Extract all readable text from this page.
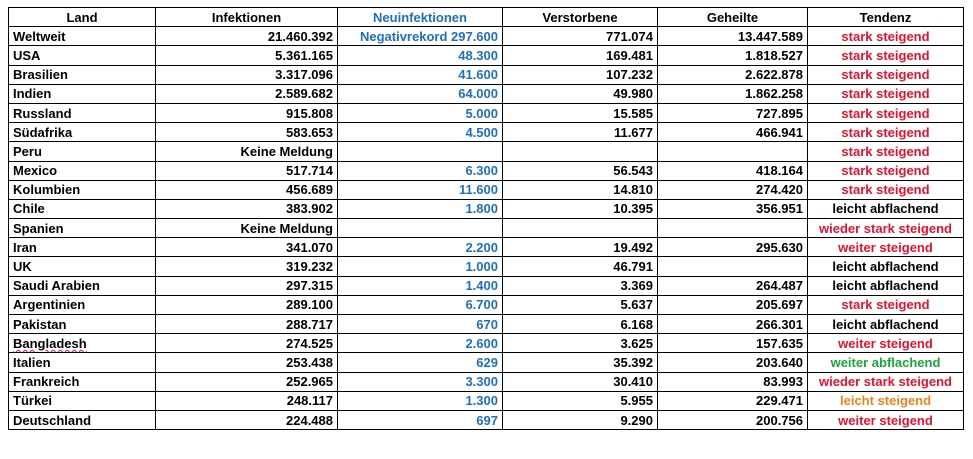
Land	Infektionen	Neuinfektionen	Verstorbene	Geheilte	Tendenz
Weltweit	21.460.392	Negativrekord 297.600	771.074	13.447.589	stark steigend
USA	5.361.165	48.300	169.481	1.818.527	stark steigend
Brasilien	3.317.096	41.600	107.232	2.622.878	stark steigend
Indien	2.589.682	64.000	49.980	1.862.258	stark steigend
Russland	915.808	5.000	15.585	727.895	stark steigend
Südafrika	583.653	4.500	11.677	466.941	stark steigend
Peru	Keine Meldung				stark steigend
Mexico	517.714	6.300	56.543	418.164	stark steigend
Kolumbien	456.689	11.600	14.810	274.420	stark steigend
Chile	383.902	1.800	10.395	356.951	leicht abflachend
Spanien	Keine Meldung				wieder stark steigend
Iran	341.070	2.200	19.492	295.630	weiter steigend
UK	319.232	1.000	46.791		leicht abflachend
Saudi Arabien	297.315	1.400	3.369	264.487	leicht abflachend
Argentinien	289.100	6.700	5.637	205.697	stark steigend
Pakistan	288.717	670	6.168	266.301	leicht abflachend
Bangladesh	274.525	2.600	3.625	157.635	weiter steigend
Italien	253.438	629	35.392	203.640	weiter abflachend
Frankreich	252.965	3.300	30.410	83.993	wieder stark steigend
Türkei	248.117	1.300	5.955	229.471	leicht steigend
Deutschland	224.488	697	9.290	200.756	weiter steigend
